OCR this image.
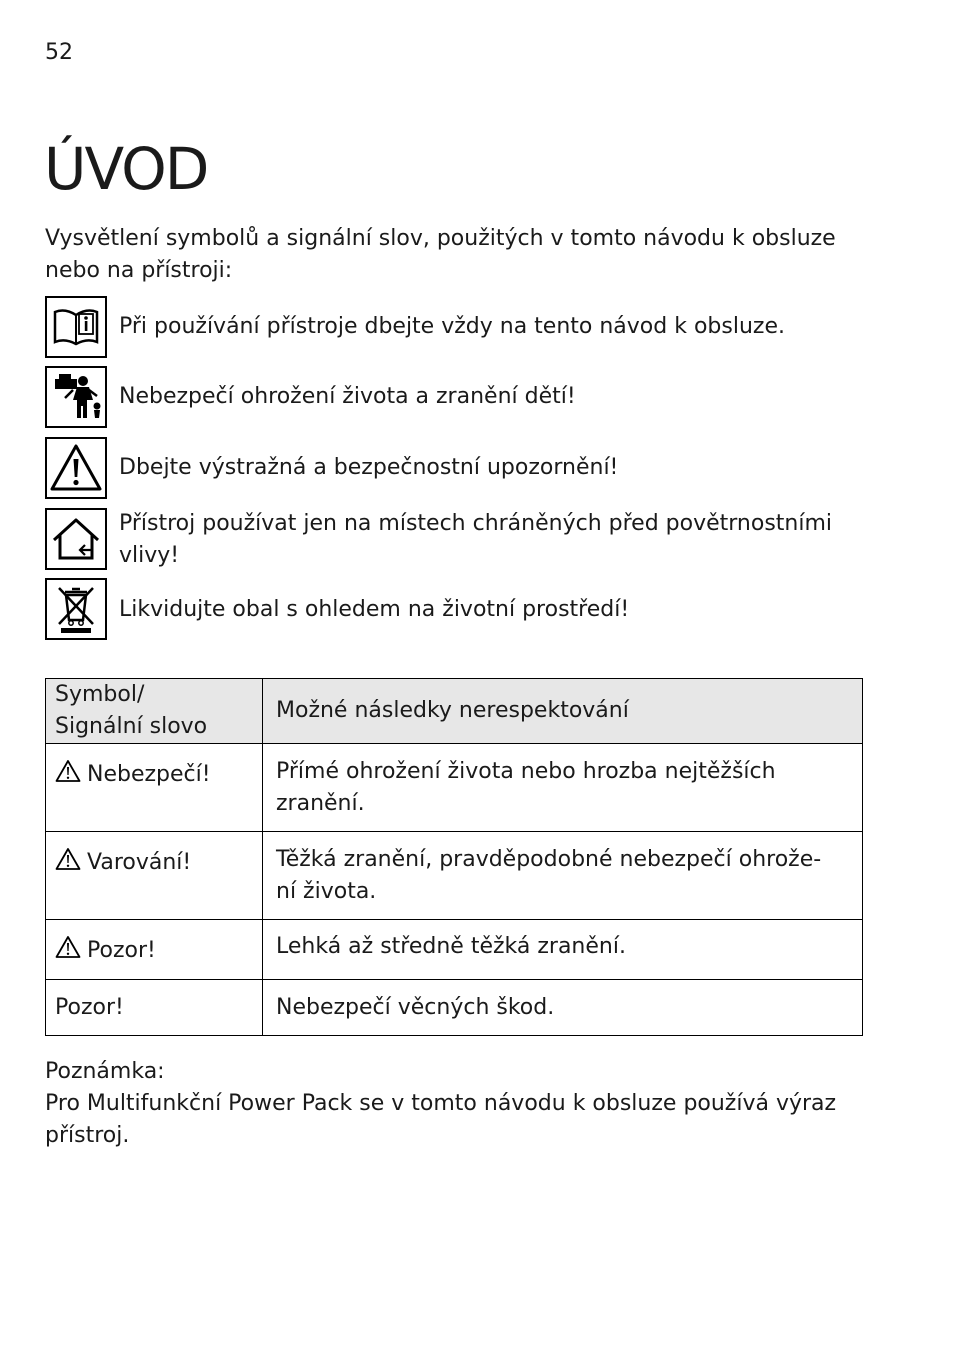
52
ÚVOD
Vysvětlení symbolů a signální slov, použitých v tomto návodu k obsluze nebo na přístroji:
Při používání přístroje dbejte vždy na tento návod k obsluze.
Nebezpečí ohrožení života a zranění dětí!
Dbejte výstražná a bezpečnostní upozornění!
Přístroj používat jen na místech chráněných před povětrnostními vlivy!
Likvidujte obal s ohledem na životní prostředí!
Symbol/
Signální slovo	Možné následky nerespektování
Nebezpečí!	Přímé ohrožení života nebo hrozba nejtěžších zranění.
Varování!	Těžká zranění, pravděpodobné nebezpečí ohrože-
ní života.
Pozor!	Lehká až středně těžká zranění.
Pozor!	Nebezpečí věcných škod.
Poznámka:
Pro Multifunkční Power Pack se v tomto návodu k obsluze používá výraz přístroj.
